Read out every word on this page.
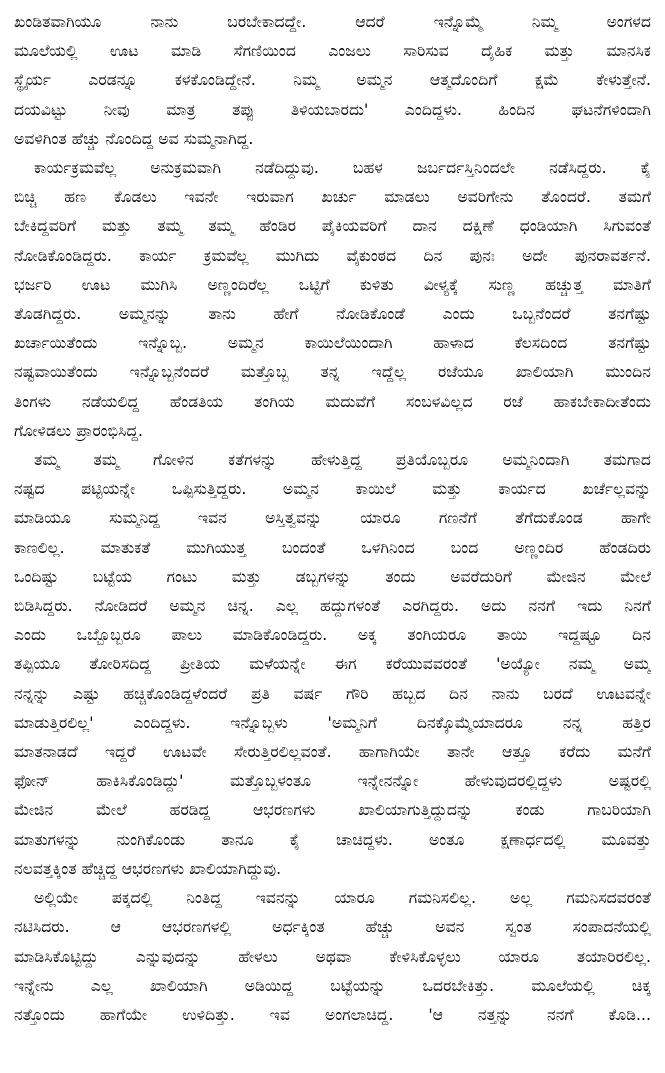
ಖಂಡಿತವಾಗಿಯೂ ನಾನು ಬರಬೇಕಾದದ್ದೇ. ಆದರೆ ಇನ್ನೊಮ್ಮೆ ನಿಮ್ಮ ಅಂಗಳದ
ಮೂಲೆಯಲ್ಲಿ ಊಟ ಮಾಡಿ ಸೆಗಣಿಯಿಂದ ಎಂಜಲು ಸಾರಿಸುವ ದೈಹಿಕ ಮತ್ತು ಮಾನಸಿಕ
ಸ್ಥೈರ್ಯ ಎರಡನ್ನೂ ಕಳಕೊಂಡಿದ್ದೇನೆ. ನಿಮ್ಮ ಅಮ್ಮನ ಆತ್ಮದೊಂದಿಗೆ ಕ್ಷಮೆ ಕೇಳುತ್ತೇನೆ.
ದಯವಿಟ್ಟು ನೀವು ಮಾತ್ರ ತಪ್ಪು ತಿಳಿಯಬಾರದು' ಎಂದಿದ್ದಳು. ಹಿಂದಿನ ಘಟನೆಗಳಿಂದಾಗಿ
ಅವಳಿಗಿಂತ ಹೆಚ್ಚು ನೊಂದಿದ್ದ ಅವ ಸುಮ್ಮನಾಗಿದ್ದ.
ಕಾರ್ಯಕ್ರಮವೆಲ್ಲ ಅನುಕ್ರಮವಾಗಿ ನಡೆದಿದ್ದುವು. ಬಹಳ ಜರ್ಬರ್ದಸ್ತಿನಿಂದಲೇ ನಡೆಸಿದ್ದರು. ಕೈ
ಬಿಚ್ಚಿ ಹಣ ಕೊಡಲು ಇವನೇ ಇರುವಾಗ ಖರ್ಚು ಮಾಡಲು ಅವರಿಗೇನು ತೊಂದರೆ. ತಮಗೆ
ಬೇಕಿದ್ದವರಿಗೆ ಮತ್ತು ತಮ್ಮ ತಮ್ಮ ಹೆಂಡಿರ ಪೈಕಿಯವರಿಗೆ ದಾನ ದಕ್ಷಿಣೆ ಧಂಡಿಯಾಗಿ ಸಿಗುವಂತೆ
ನೋಡಿಕೊಂಡಿದ್ದರು. ಕಾರ್ಯ ಕ್ರಮವೆಲ್ಲ ಮುಗಿದು ವೈಕುಂಠದ ದಿನ ಪುನಃ ಅದೇ ಪುನರಾವರ್ತನೆ.
ಭರ್ಜರಿ ಊಟ ಮುಗಿಸಿ ಅಣ್ಣಂದಿರೆಲ್ಲ ಒಟ್ಟಿಗೆ ಕುಳಿತು ವೀಳ್ಯಕ್ಕೆ ಸುಣ್ಣ ಹಚ್ಚುತ್ತ ಮಾತಿಗೆ
ತೊಡಗಿದ್ದರು. ಅಮ್ಮನನ್ನು ತಾನು ಹೇಗೆ ನೋಡಿಕೊಂಡೆ ಎಂದು ಒಬ್ಬನೆಂದರೆ ತನಗೆಷ್ಟು
ಖರ್ಚಾಯಿತೆಂದು ಇನ್ನೊಬ್ಬ. ಅಮ್ಮನ ಕಾಯಿಲೆಯಿಂದಾಗಿ ಹಾಳಾದ ಕೆಲಸದಿಂದ ತನಗೆಷ್ಟು
ನಷ್ಟವಾಯಿತೆಂದು ಇನ್ನೊಬ್ಬನೆಂದರೆ ಮತ್ತೊಬ್ಬ ತನ್ನ ಇದ್ದೆಲ್ಲ ರಜೆಯೂ ಖಾಲಿಯಾಗಿ ಮುಂದಿನ
ತಿಂಗಳು ನಡೆಯಲಿದ್ದ ಹೆಂಡತಿಯ ತಂಗಿಯ ಮದುವೆಗೆ ಸಂಬಳವಿಲ್ಲದ ರಜೆ ಹಾಕಬೇಕಾದೀತೆಂದು
ಗೋಳಿಡಲು ಪ್ರಾರಂಭಿಸಿದ್ದ.
ತಮ್ಮ ತಮ್ಮ ಗೋಳಿನ ಕತೆಗಳನ್ನು ಹೇಳುತ್ತಿದ್ದ ಪ್ರತಿಯೊಬ್ಬರೂ ಅಮ್ಮನಿಂದಾಗಿ ತಮಗಾದ
ನಷ್ಟದ ಪಟ್ಟಿಯನ್ನೇ ಒಪ್ಪಿಸುತ್ತಿದ್ದರು. ಅಮ್ಮನ ಕಾಯಿಲೆ ಮತ್ತು ಕಾರ್ಯದ ಖರ್ಚೆಲ್ಲವನ್ನು
ಮಾಡಿಯೂ ಸುಮ್ಮನಿದ್ದ ಇವನ ಅಸ್ತಿತ್ವವನ್ನು ಯಾರೂ ಗಣನೆಗೆ ತೆಗೆದುಕೊಂಡ ಹಾಗೇ
ಕಾಣಲಿಲ್ಲ. ಮಾತುಕತೆ ಮುಗಿಯುತ್ತ ಬಂದಂತೆ ಒಳಗಿನಿಂದ ಬಂದ ಅಣ್ಣಂದಿರ ಹೆಂಡದಿರು
ಒಂದಿಷ್ಟು ಬಟ್ಟೆಯ ಗಂಟು ಮತ್ತು ಡಬ್ಬಗಳನ್ನು ತಂದು ಅವರೆದುರಿಗೆ ಮೇಜಿನ ಮೇಲೆ
ಬಿಡಿಸಿದ್ದರು. ನೋಡಿದರೆ ಅಮ್ಮನ ಚಿನ್ನ. ಎಲ್ಲ ಹದ್ದುಗಳಂತೆ ಎರಗಿದ್ದರು. ಅದು ನನಗೆ ಇದು ನಿನಗೆ
ಎಂದು ಒಬ್ಬೊಬ್ಬರೂ ಪಾಲು ಮಾಡಿಕೊಂಡಿದ್ದರು. ಅಕ್ಕ ತಂಗಿಯರೂ ತಾಯಿ ಇದ್ದಷ್ಟೂ ದಿನ
ತಪ್ಪಿಯೂ ತೋರಿಸದಿದ್ದ ಪ್ರೀತಿಯ ಮಳೆಯನ್ನೇ ಈಗ ಕರೆಯುವವರಂತೆ 'ಅಯ್ಯೋ ನಮ್ಮ ಅಮ್ಮ
ನನ್ನನ್ನು ಎಷ್ಟು ಹಚ್ಚಿಕೊಂಡಿದ್ದಳೆಂದರೆ ಪ್ರತಿ ವರ್ಷ ಗೌರಿ ಹಬ್ಬದ ದಿನ ನಾನು ಬರದೆ ಊಟವನ್ನೇ
ಮಾಡುತ್ತಿರಲಿಲ್ಲ' ಎಂದಿದ್ದಳು. ಇನ್ನೊಬ್ಬಳು 'ಅಮ್ಮನಿಗೆ ದಿನಕ್ಕೊಮ್ಮೆಯಾದರೂ ನನ್ನ ಹತ್ತಿರ
ಮಾತನಾಡದೆ ಇದ್ದರೆ ಊಟವೇ ಸೇರುತ್ತಿರಲಿಲ್ಲವಂತೆ. ಹಾಗಾಗಿಯೇ ತಾನೇ ಆತ್ತೂ ಕರೆದು ಮನೆಗೆ
ಫೋನ್ ಹಾಕಿಸಿಕೊಂಡಿದ್ದು' ಮತ್ತೊಬ್ಬಳಂತೂ ಇನ್ನೇನನ್ನೋ ಹೇಳುವುದರಲ್ಲಿದ್ದಳು ಅಷ್ಟರಲ್ಲಿ
ಮೇಜಿನ ಮೇಲೆ ಹರಡಿದ್ದ ಆಭರಣಗಳು ಖಾಲಿಯಾಗುತ್ತಿದ್ದುದನ್ನು ಕಂಡು ಗಾಬರಿಯಾಗಿ
ಮಾತುಗಳನ್ನು ನುಂಗಿಕೊಂಡು ತಾನೂ ಕೈ ಚಾಚಿದ್ದಳು. ಅಂತೂ ಕ್ಷಣಾರ್ಧದಲ್ಲಿ ಮೂವತ್ತು
ನಲವತ್ತಕ್ಕಿಂತ ಹೆಚ್ಚಿದ್ದ ಆಭರಣಗಳು ಖಾಲಿಯಾಗಿದ್ದುವು.
ಅಲ್ಲಿಯೇ ಪಕ್ಕದಲ್ಲಿ ನಿಂತಿದ್ದ ಇವನನ್ನು ಯಾರೂ ಗಮನಿಸಲಿಲ್ಲ. ಅಲ್ಲ ಗಮನಿಸದವರಂತೆ
ನಟಿಸಿದರು. ಆ ಆಭರಣಗಳಲ್ಲಿ ಅರ್ಧಕ್ಕಿಂತ ಹೆಚ್ಚು ಅವನ ಸ್ವಂತ ಸಂಪಾದನೆಯಲ್ಲಿ
ಮಾಡಿಸಿಕೊಟ್ಟಿದ್ದು ಎನ್ನುವುದನ್ನು ಹೇಳಲು ಅಥವಾ ಕೇಳಿಸಿಕೊಳ್ಳಲು ಯಾರೂ ತಯಾರಿರಲಿಲ್ಲ.
ಇನ್ನೇನು ಎಲ್ಲ ಖಾಲಿಯಾಗಿ ಅಡಿಯಿದ್ದ ಬಟ್ಟೆಯನ್ನು ಒದರಬೇಕಿತ್ತು. ಮೂಲೆಯಲ್ಲಿ ಚಿಕ್ಕ
ನತ್ತೊಂದು ಹಾಗೆಯೇ ಉಳಿದಿತ್ತು. ಇವ ಅಂಗಲಾಚಿದ್ದ. 'ಆ ನತ್ತನ್ನು ನನಗೆ ಕೊಡಿ...
